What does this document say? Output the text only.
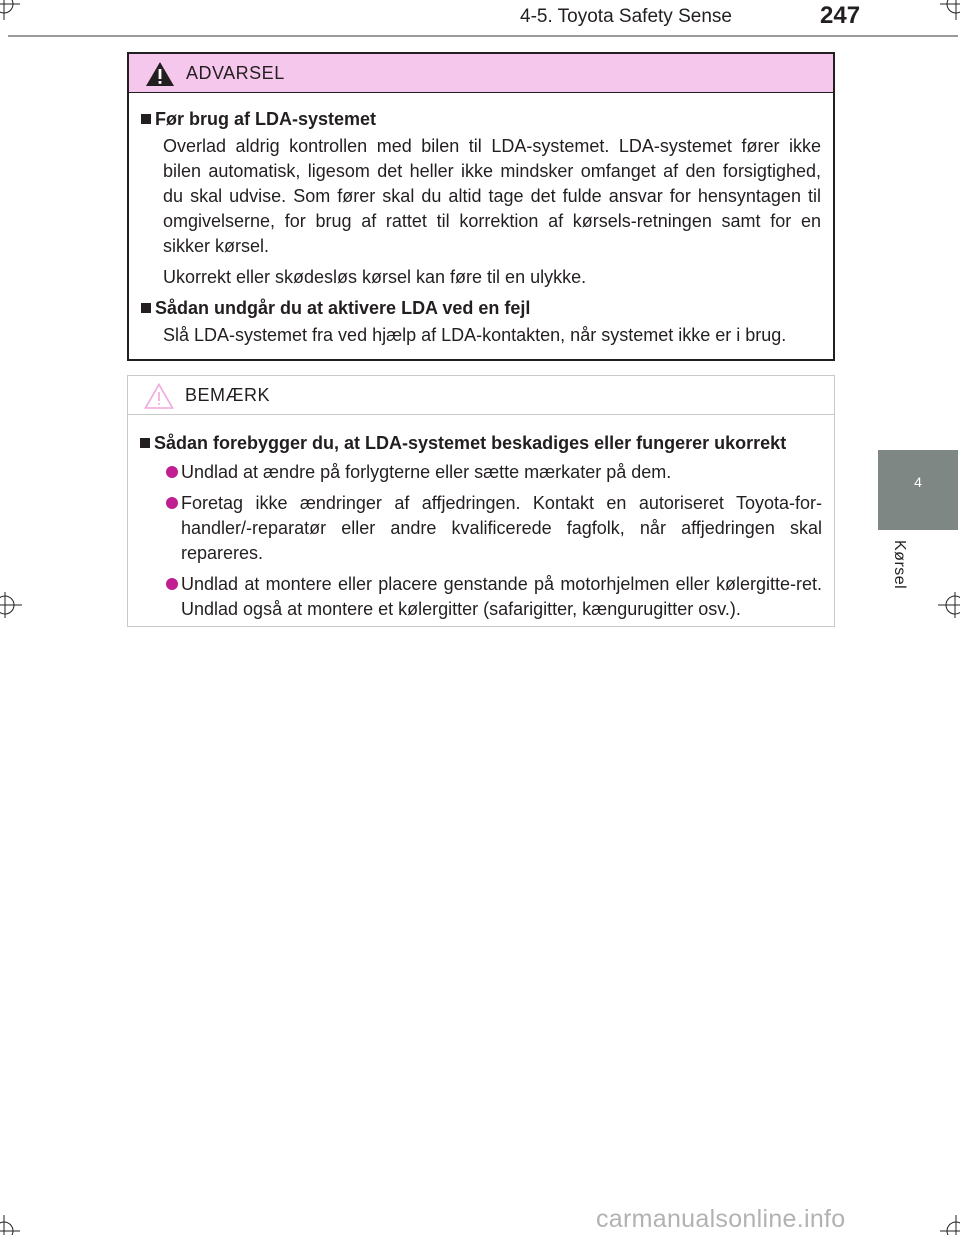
4-5. Toyota Safety Sense	247
4
Kørsel
ADVARSEL
Før brug af LDA-systemet

Overlad aldrig kontrollen med bilen til LDA-systemet. LDA-systemet fører ikke bilen automatisk, ligesom det heller ikke mindsker omfanget af den forsigtighed, du skal udvise. Som fører skal du altid tage det fulde ansvar for hensyntagen til omgivelserne, for brug af rattet til korrektion af kørsels-retningen samt for en sikker kørsel.

Ukorrekt eller skødesløs kørsel kan føre til en ulykke.

Sådan undgår du at aktivere LDA ved en fejl

Slå LDA-systemet fra ved hjælp af LDA-kontakten, når systemet ikke er i brug.

BEMÆRK
Sådan forebygger du, at LDA-systemet beskadiges eller fungerer ukorrekt
Undlad at ændre på forlygterne eller sætte mærkater på dem.
Foretag ikke ændringer af affjedringen. Kontakt en autoriseret Toyota-for-handler/-reparatør eller andre kvalificerede fagfolk, når affjedringen skal repareres.
Undlad at montere eller placere genstande på motorhjelmen eller kølergitte-ret. Undlad også at montere et kølergitter (safarigitter, kængurugitter osv.).
carmanualsonline.info
